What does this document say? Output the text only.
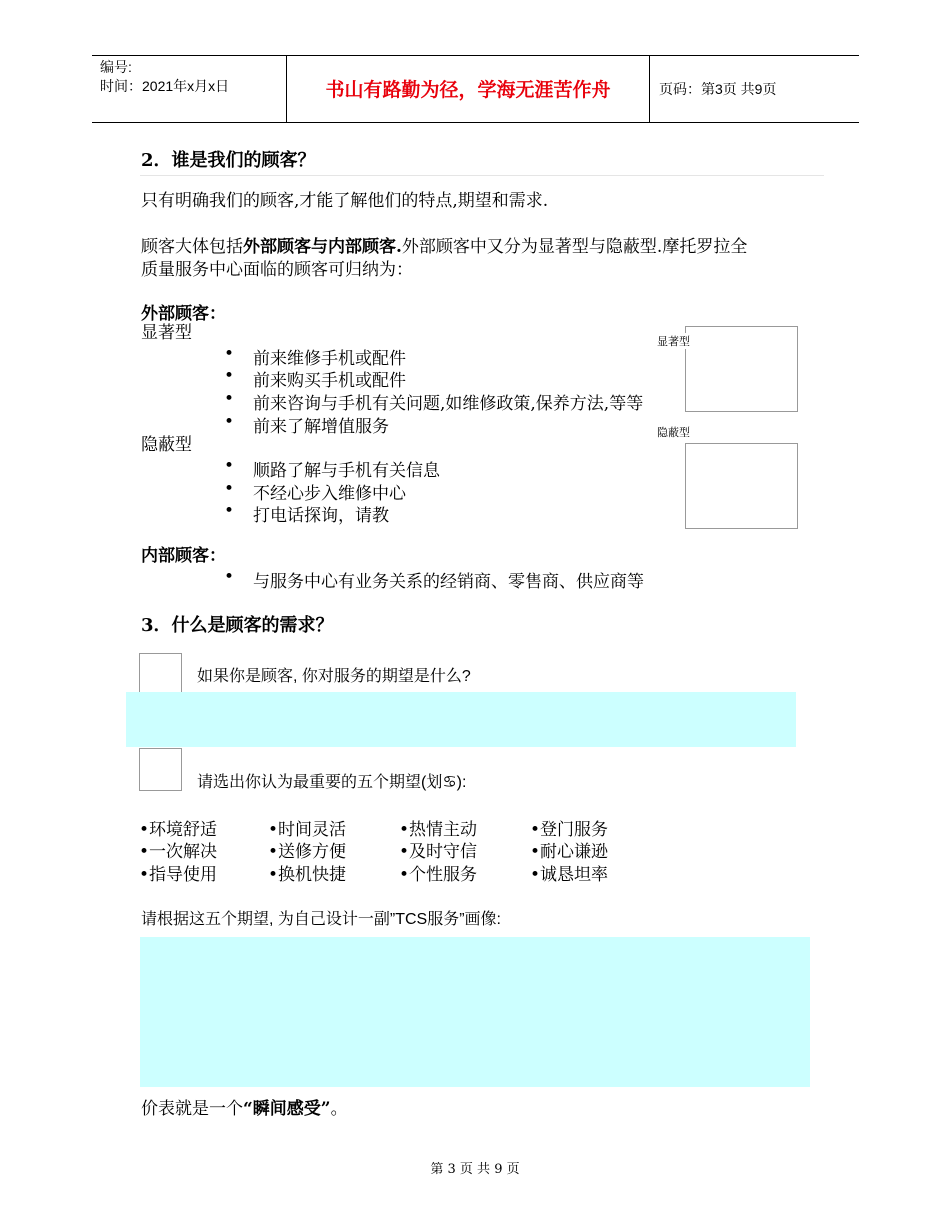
编号:
时间：2021年x月x日	书山有路勤为径，学海无涯苦作舟	页码：第3页 共9页
2．谁是我们的顾客？
只有明确我们的顾客,才能了解他们的特点,期望和需求.
顾客大体包括外部顾客与内部顾客.外部顾客中又分为显著型与隐蔽型.摩托罗拉全
质量服务中心面临的顾客可归纳为：
外部顾客：
显著型
• 前来维修手机或配件
• 前来购买手机或配件
• 前来咨询与手机有关问题,如维修政策,保养方法,等等
• 前来了解增值服务
隐蔽型
• 顺路了解与手机有关信息
• 不经心步入维修中心
• 打电话探询，请教
显著型
隐蔽型
内部顾客：
• 与服务中心有业务关系的经销商、零售商、供应商等
3．什么是顾客的需求？
如果你是顾客, 你对服务的期望是什么?
请选出你认为最重要的五个期望(划♋):
•环境舒适	•时间灵活	•热情主动	•登门服务
•一次解决	•送修方便	•及时守信	•耐心谦逊
•指导使用	•换机快捷	•个性服务	•诚恳坦率
请根据这五个期望, 为自己设计一副”TCS服务”画像:
价表就是一个“瞬间感受”。
第 3 页 共 9 页
